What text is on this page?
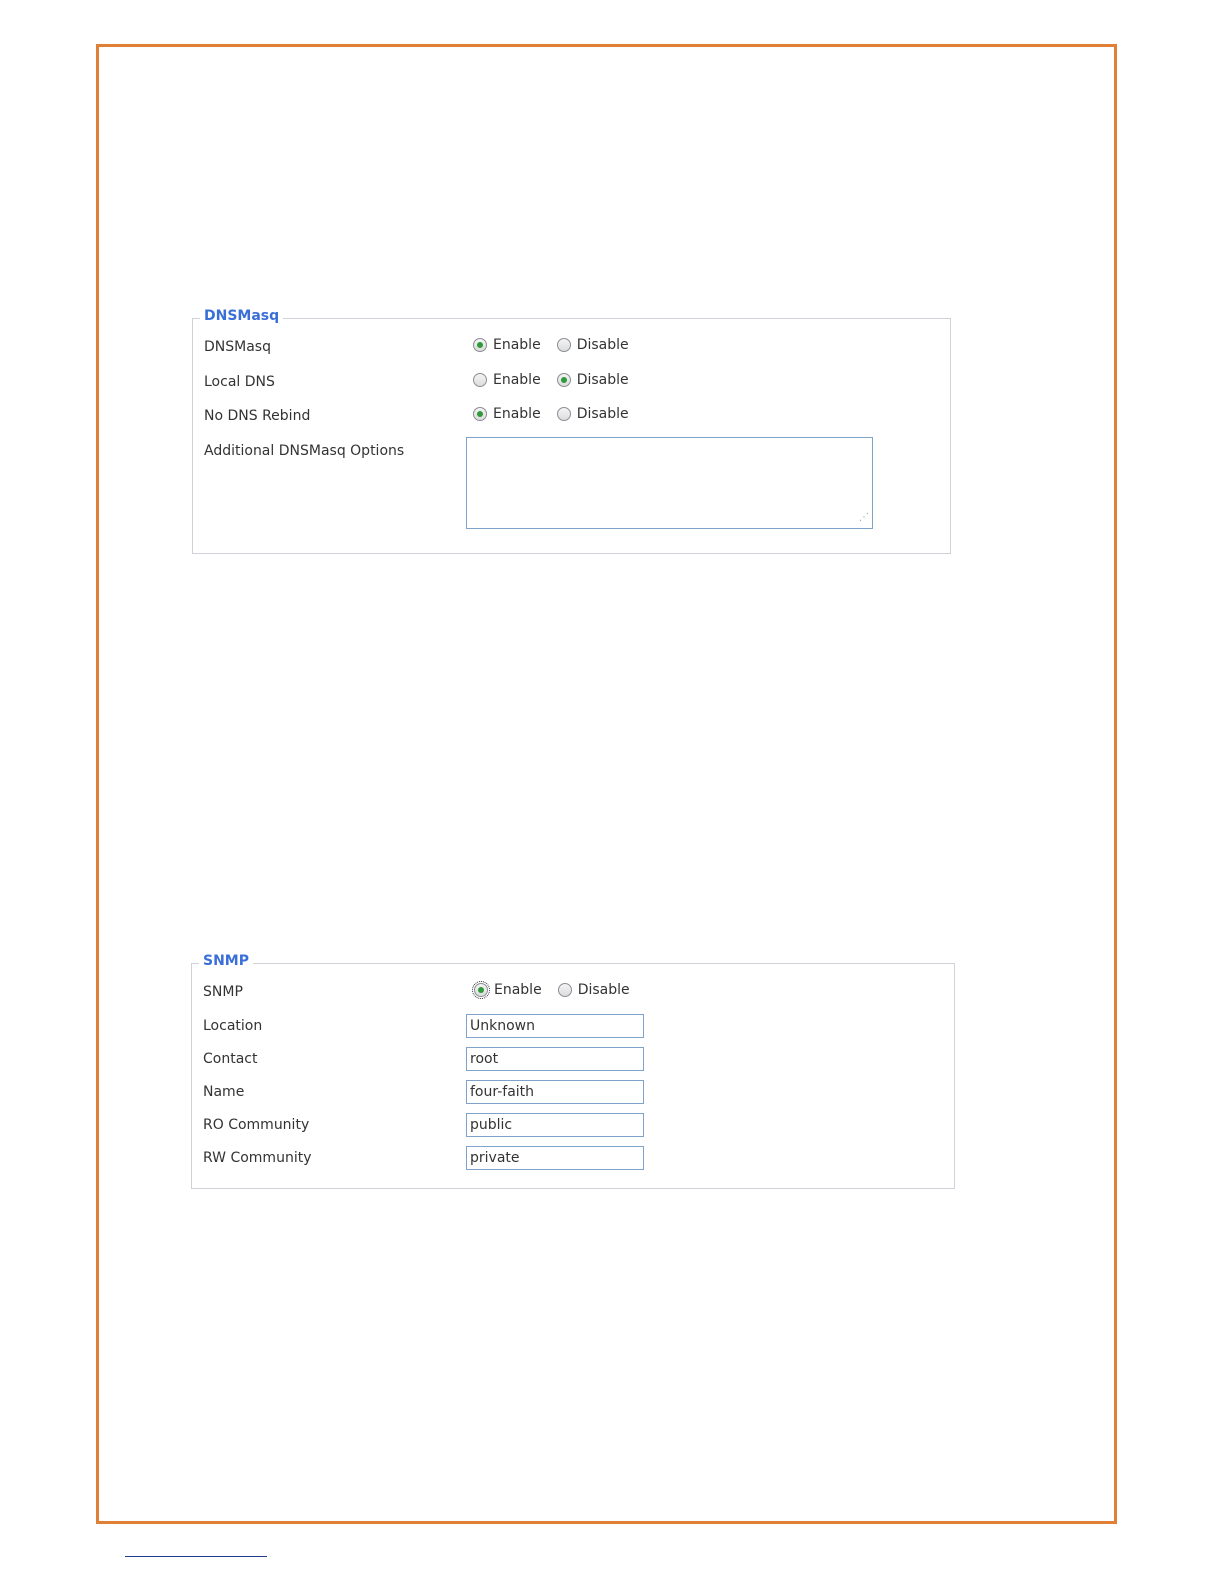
DNSMasq
DNSMasq	Enable	Disable
Local DNS	Enable	Disable
No DNS Rebind	Enable	Disable
Additional DNSMasq Options
⋰
SNMP
SNMP	Enable	Disable
Location	Unknown
Contact	root
Name	four-faith
RO Community	public
RW Community	private
